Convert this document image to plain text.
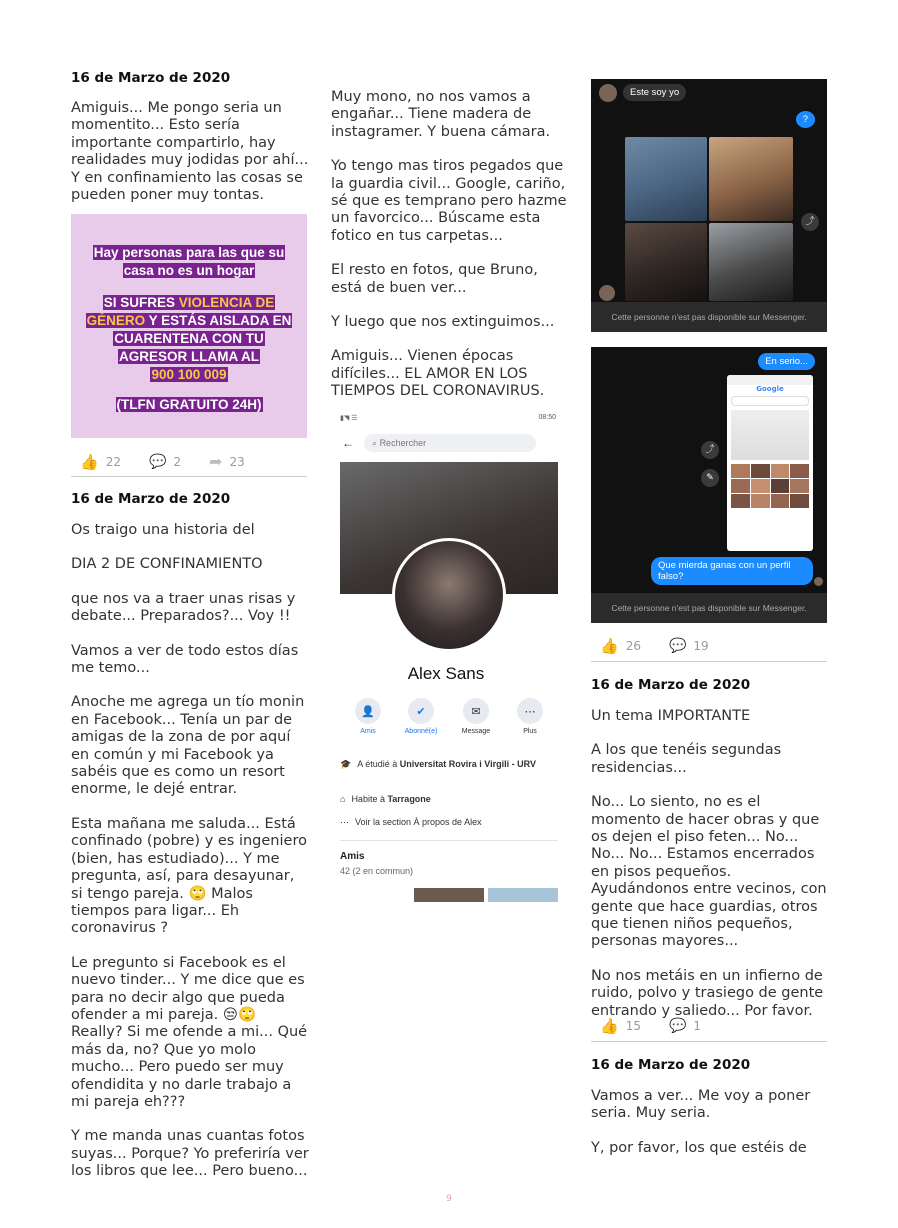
16 de Marzo de 2020

Amiguis... Me pongo seria un momentito... Esto sería importante compartirlo, hay realidades muy jodidas por ahí... Y en confinamiento las cosas se pueden poner muy tontas.

Hay personas para las que su
casa no es un hogar
SI SUFRES VIOLENCIA DE
GÉNERO Y ESTÁS AISLADA EN
CUARENTENA CON TU
AGRESOR LLAMA AL
900 100 009
(TLFN GRATUITO 24H)
👍 22 💬 2 ➦ 23

16 de Marzo de 2020

Os traigo una historia del

DIA 2 DE CONFINAMIENTO

que nos va a traer unas risas y debate... Preparados?... Voy !!

Vamos a ver de todo estos días me temo...

Anoche me agrega un tío monin en Facebook... Tenía un par de amigas de la zona de por aquí en común y mi Facebook ya sabéis que es como un resort enorme, le dejé entrar.

Esta mañana me saluda... Está confinado (pobre) y es ingeniero (bien, has estudiado)... Y me pregunta, así, para desayunar, si tengo pareja. 🙄 Malos tiempos para ligar... Eh coronavirus ?

Le pregunto si Facebook es el nuevo tinder... Y me dice que es para no decir algo que pueda ofender a mi pareja. 😒🙄 Really? Si me ofende a mi... Qué más da, no? Que yo molo mucho... Pero puedo ser muy ofendidita y no darle trabajo a mi pareja eh???

Y me manda unas cuantas fotos suyas... Porque? Yo preferiría ver los libros que lee... Pero bueno...

Muy mono, no nos vamos a engañar... Tiene madera de instagramer. Y buena cámara.

Yo tengo mas tiros pegados que la guardia civil... Google, cariño, sé que es temprano pero hazme un favorcico... Búscame esta fotico en tus carpetas...

El resto en fotos, que Bruno, está de buen ver...

Y luego que nos extinguimos...

Amiguis... Vienen épocas difíciles... EL AMOR EN LOS TIEMPOS DEL CORONAVIRUS.

▮◥ ☰	08:50
←	⌕ Rechercher
Alex Sans
👤
Amis
✔
Abonné(e)
✉
Message
⋯
Plus
🎓 A étudié à Universitat Rovira i Virgili - URV
⌂ Habite à Tarragone
⋯ Voir la section À propos de Alex
Amis
42 (2 en commun)
Este soy yo
?
⤴
Cette personne n'est pas disponible sur Messenger.
En serio...
Google
⤴
✎
Que mierda ganas con un perfil falso?
Cette personne n'est pas disponible sur Messenger.
👍 26 💬 19

16 de Marzo de 2020

Un tema IMPORTANTE

A los que tenéis segundas residencias...

No... Lo siento, no es el momento de hacer obras y que os dejen el piso feten... No... No... No... Estamos encerrados en pisos pequeños. Ayudándonos entre vecinos, con gente que hace guardias, otros que tienen niños pequeños, personas mayores...

No nos metáis en un infierno de ruido, polvo y trasiego de gente entrando y saliedo... Por favor.

👍 15 💬 1

16 de Marzo de 2020

Vamos a ver... Me voy a poner seria. Muy seria.

Y, por favor, los que estéis de

9
